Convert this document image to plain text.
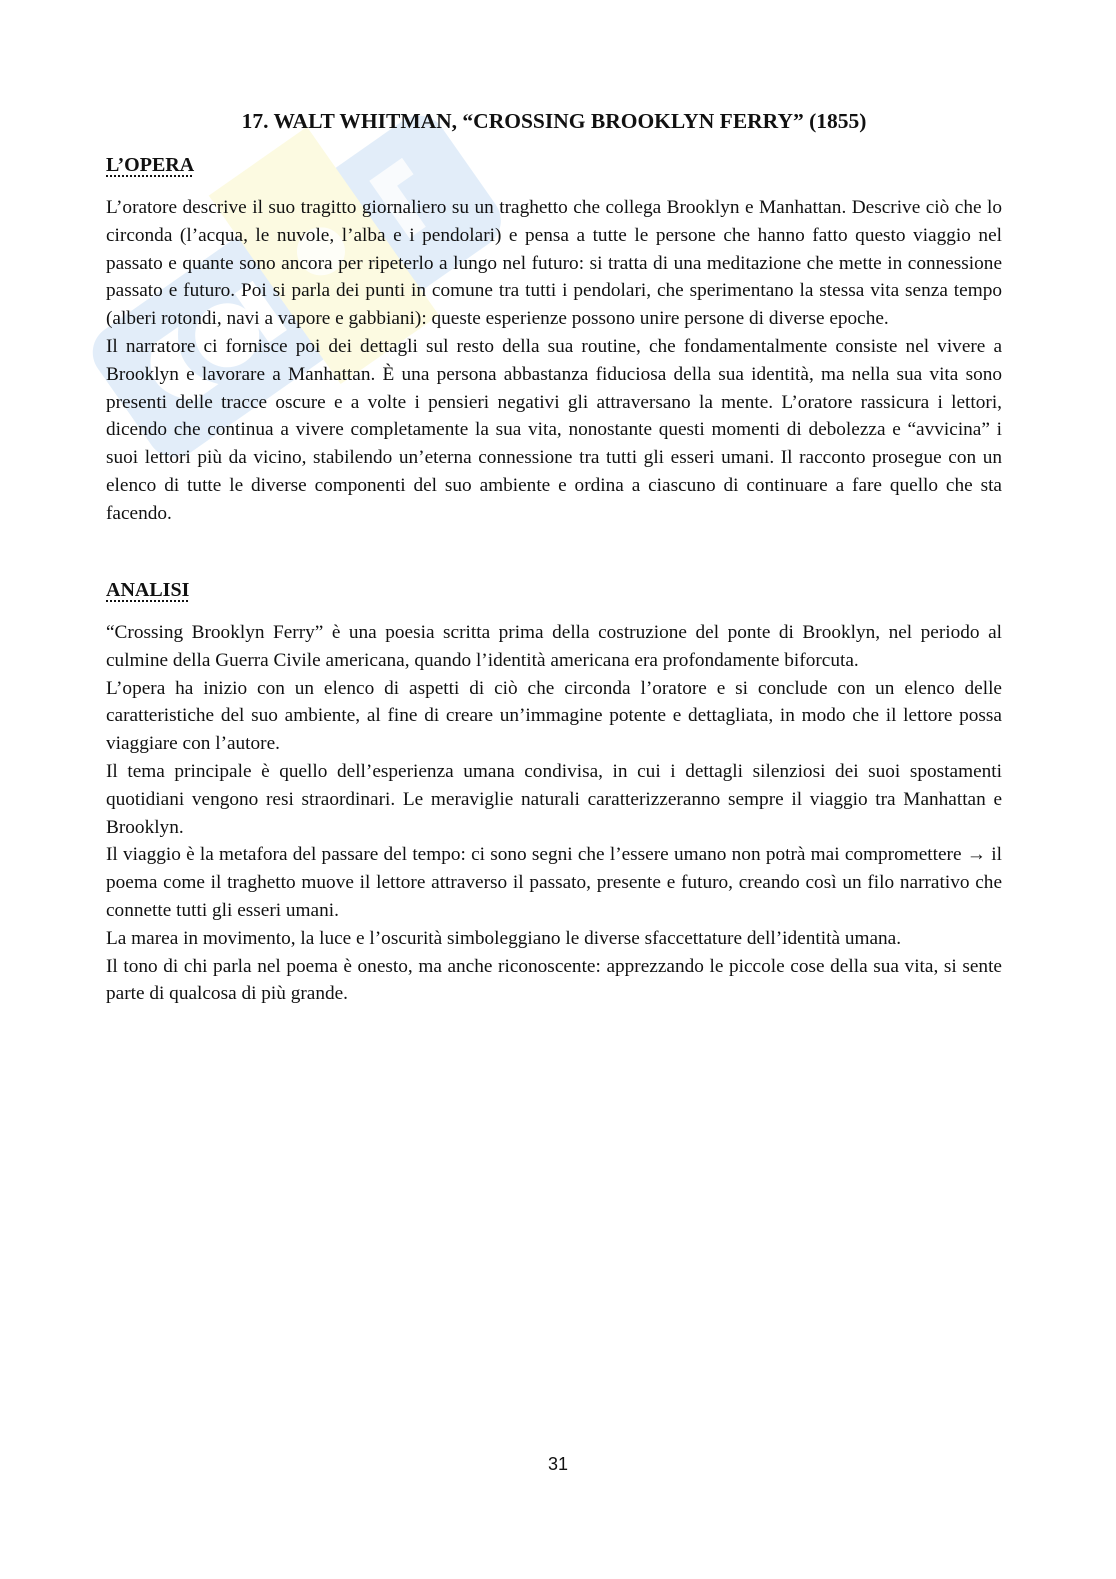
17. WALT WHITMAN, “CROSSING BROOKLYN FERRY” (1855)
L’OPERA

L’oratore descrive il suo tragitto giornaliero su un traghetto che collega Brooklyn e Manhattan. Descrive ciò che lo circonda (l’acqua, le nuvole, l’alba e i pendolari) e pensa a tutte le persone che hanno fatto questo viaggio nel passato e quante sono ancora per ripeterlo a lungo nel futuro: si tratta di una meditazione che mette in connessione passato e futuro. Poi si parla dei punti in comune tra tutti i pendolari, che sperimentano la stessa vita senza tempo (alberi rotondi, navi a vapore e gabbiani): queste esperienze possono unire persone di diverse epoche.

Il narratore ci fornisce poi dei dettagli sul resto della sua routine, che fondamentalmente consiste nel vivere a Brooklyn e lavorare a Manhattan. È una persona abbastanza fiduciosa della sua identità, ma nella sua vita sono presenti delle tracce oscure e a volte i pensieri negativi gli attraversano la mente. L’oratore rassicura i lettori, dicendo che continua a vivere completamente la sua vita, nonostante questi momenti di debolezza e “avvicina” i suoi lettori più da vicino, stabilendo un’eterna connessione tra tutti gli esseri umani. Il racconto prosegue con un elenco di tutte le diverse componenti del suo ambiente e ordina a ciascuno di continuare a fare quello che sta facendo.

ANALISI

“Crossing Brooklyn Ferry” è una poesia scritta prima della costruzione del ponte di Brooklyn, nel periodo al culmine della Guerra Civile americana, quando l’identità americana era profondamente biforcuta.

L’opera ha inizio con un elenco di aspetti di ciò che circonda l’oratore e si conclude con un elenco delle caratteristiche del suo ambiente, al fine di creare un’immagine potente e dettagliata, in modo che il lettore possa viaggiare con l’autore.

Il tema principale è quello dell’esperienza umana condivisa, in cui i dettagli silenziosi dei suoi spostamenti quotidiani vengono resi straordinari. Le meraviglie naturali caratterizzeranno sempre il viaggio tra Manhattan e Brooklyn.

Il viaggio è la metafora del passare del tempo: ci sono segni che l’essere umano non potrà mai compromettere → il poema come il traghetto muove il lettore attraverso il passato, presente e futuro, creando così un filo narrativo che connette tutti gli esseri umani.

La marea in movimento, la luce e l’oscurità simboleggiano le diverse sfaccettature dell’identità umana.

Il tono di chi parla nel poema è onesto, ma anche riconoscente: apprezzando le piccole cose della sua vita, si sente parte di qualcosa di più grande.

31
